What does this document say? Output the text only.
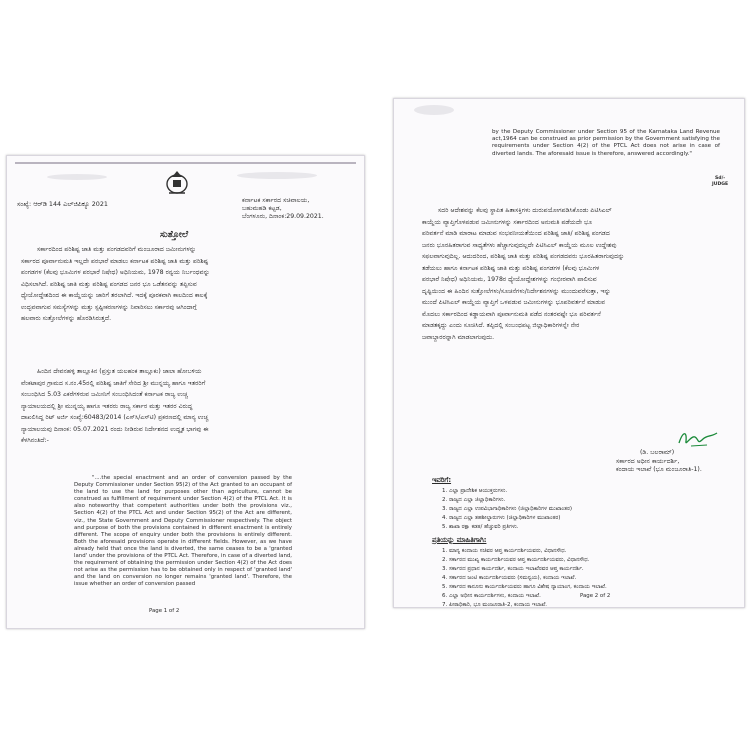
ಸಂಖ್ಯೆ: ಆರ್‌ಡಿ 144 ಎಲ್‌ಜಿಪಿಕ್ಯೂ 2021	ಕರ್ನಾಟಕ ಸರ್ಕಾರದ ಸಚಿವಾಲಯ,
ಬಹುಮಹಡಿ ಕಟ್ಟಡ,
ಬೆಂಗಳೂರು, ದಿನಾಂಕ:29.09.2021.
ಸುತ್ತೋಲೆ
ಸರ್ಕಾರದಿಂದ ಪರಿಶಿಷ್ಟ ಜಾತಿ ಮತ್ತು ಪಂಗಡದವರಿಗೆ ಮಂಜೂರಾದ ಜಮೀನುಗಳನ್ನು
ಸರ್ಕಾರದ ಪೂರ್ವಾನುಮತಿ ಇಲ್ಲದೇ ಪರಭಾರೆ ಮಾಡಲು ಕರ್ನಾಟಕ ಪರಿಶಿಷ್ಟ ಜಾತಿ ಮತ್ತು ಪರಿಶಿಷ್ಟ
ಪಂಗಡಗಳ (ಕೆಲವು ಭೂಮಿಗಳ ಪರಭಾರೆ ನಿಷೇಧ) ಅಧಿನಿಯಮ, 1978 ರನ್ವಯ ನಿರ್ಬಂಧವನ್ನು
ವಿಧಿಸಲಾಗಿದೆ. ಪರಿಶಿಷ್ಟ ಜಾತಿ ಮತ್ತು ಪರಿಶಿಷ್ಟ ಪಂಗಡದ ಜನರ ಭೂ ಒಡೆತನವನ್ನು ತಪ್ಪಿಸುವ
ಧ್ಯೇಯೋದ್ದೇಶದಿಂದ ಈ ಕಾಯ್ದೆಯನ್ನು ಜಾರಿಗೆ ತರಲಾಗಿದೆ. ಇದಕ್ಕೆ ಪೂರಕವಾಗಿ ಕಾಲದಿಂದ ಕಾಲಕ್ಕೆ
ಉದ್ಭವವಾಗುವ ಸಮಸ್ಯೆಗಳನ್ನು ಮತ್ತು ಸ್ಪಷ್ಟೀಕರಣಗಳನ್ನು ನಿವಾರಿಸಲು ಸರ್ಕಾರವು ಆಗಿಂದಾಗ್ಗೆ
ಹಲವಾರು ಸುತ್ತೋಲೆಗಳನ್ನು ಹೊರಡಿಸಿರುತ್ತದೆ.
ಹಿಂದಿನ ದೇವನಹಳ್ಳಿ ತಾಲ್ಲೂಕಿನ (ಪ್ರಸ್ತುತ ಯಲಹಂಕ ತಾಲ್ಲೂಕು) ಜಾಲಾ ಹೋಬಳಿಯ
ವೆಂಕಟಾಪುರ ಗ್ರಾಮದ ಸ.ನಂ.45ರಲ್ಲಿ ಪರಿಶಿಷ್ಟ ಜಾತಿಗೆ ಸೇರಿದ ಶ್ರೀ ಮುನ್ನಯ್ಯ ಹಾಗೂ ಇತರರಿಗೆ
ಸಂಬಂಧಿಸಿದ 5.03 ಎಕರೆಗಳಿರುವ ಜಮೀನಿಗೆ ಸಂಬಂಧಿಸಿದಂತೆ ಕರ್ನಾಟಕ ರಾಜ್ಯ ಉಚ್ಚ
ನ್ಯಾಯಾಲಯದಲ್ಲಿ ಶ್ರೀ ಮುನ್ನಯ್ಯ ಹಾಗೂ ಇತರರು ರಾಜ್ಯ ಸರ್ಕಾರ ಮತ್ತು ಇತರರ ವಿರುದ್ಧ
ದಾಖಲಿಸಿದ್ದ ರಿಟ್ ಅರ್ಜಿ ಸಂಖ್ಯೆ:60483/2014 (ಎಸ್‌ಸಿ/ಎಸ್‌ಟಿ) ಪ್ರಕರಣದಲ್ಲಿ ಮಾನ್ಯ ಉಚ್ಚ
ನ್ಯಾಯಾಲಯವು ದಿನಾಂಕ: 05.07.2021 ರಂದು ನೀಡಿರುವ ನಿರ್ದೇಶನದ ಉದ್ಧೃತ ಭಾಗವು ಈ
ಕೆಳಗಿನಂತಿದೆ:-
"....the special enactment and an order of conversion passed by the Deputy Commissioner under Section 95(2) of the Act granted to an occupant of the land to use the land for purposes other than agriculture, cannot be construed as fulfillment of requirement under Section 4(2) of the PTCL Act. It is also noteworthy that competent authorities under both the provisions viz., Section 4(2) of the PTCL Act and under Section 95(2) of the Act are different, viz., the State Government and Deputy Commissioner respectively. The object and purpose of both the provisions contained in different enactment is entirely different. The scope of enquiry under both the provisions is entirely different. Both the aforesaid provisions operate in different fields. However, as we have already held that once the land is diverted, the same ceases to be a 'granted land' under the provisions of the PTCL Act. Therefore, in case of a diverted land, the requirement of obtaining the permission under Section 4(2) of the Act does not arise as the permission has to be obtained only in respect of 'granted land' and the land on conversion no longer remains 'granted land'. Therefore, the issue whether an order of conversion passed
Page 1 of 2
by the Deputy Commissioner under Section 95 of the Karnataka Land Revenue act,1964 can be construed as prior permission by the Government satisfying the requirements under Section 4(2) of the PTCL Act does not arise in case of diverted lands. The aforesaid issue is therefore, answered accordingly."
Sd/-
JUDGE
ಸದರಿ ಆದೇಶವನ್ನು ಕೆಲವು ಸ್ಥಾಪಿತ ಹಿತಾಸಕ್ತಿಗಳು ದುರುಪಯೋಗಪಡಿಸಿಕೊಂಡು ಪಿಟಿಸಿಎಲ್
ಕಾಯ್ದೆಯ ವ್ಯಾಪ್ತಿಗೊಳಪಡುವ ಜಮೀನುಗಳನ್ನು ಸರ್ಕಾರದಿಂದ ಅನುಮತಿ ಪಡೆಯದೇ ಭೂ
ಪರಿವರ್ತನೆ ಮಾಡಿ ಮಾರಾಟ ಮಾಡುವ ಸಂಭವನೀಯತೆಯಿಂದ ಪರಿಶಿಷ್ಟ ಜಾತಿ/ ಪರಿಶಿಷ್ಟ ಪಂಗಡದ
ಜನರು ಭೂರಹಿತರಾಗುವ ಸಾಧ್ಯತೆಗಳು ಹೆಚ್ಚಾಗುವುದಲ್ಲದೇ ಪಿಟಿಸಿಎಲ್ ಕಾಯ್ದೆಯ ಮೂಲ ಉದ್ದೇಶವು
ಸಫಲವಾಗುವುದಿಲ್ಲ. ಆದುದರಿಂದ, ಪರಿಶಿಷ್ಟ ಜಾತಿ ಮತ್ತು ಪರಿಶಿಷ್ಟ ಪಂಗಡದವರು ಭೂರಹಿತರಾಗುವುದನ್ನು
ತಡೆಯಲು ಹಾಗೂ ಕರ್ನಾಟಕ ಪರಿಶಿಷ್ಟ ಜಾತಿ ಮತ್ತು ಪರಿಶಿಷ್ಟ ಪಂಗಡಗಳ (ಕೆಲವು ಭೂಮಿಗಳ
ಪರಭಾರೆ ನಿಷೇಧ) ಅಧಿನಿಯಮ, 1978ರ ಧ್ಯೇಯೋದ್ದೇಶಗಳನ್ನು ಗಂಭೀರವಾಗಿ ಪಾಲಿಸುವ
ದೃಷ್ಟಿಯಿಂದ ಈ ಹಿಂದಿನ ಸುತ್ತೋಲೆಗಳು/ಸೂಚನೆಗಳು/ನಿರ್ದೇಶನಗಳನ್ನು ಮುಂದುವರೆಸುತ್ತಾ, ಇನ್ನು
ಮುಂದೆ ಪಿಟಿಸಿಎಲ್ ಕಾಯ್ದೆಯ ವ್ಯಾಪ್ತಿಗೆ ಒಳಪಡುವ ಜಮೀನುಗಳನ್ನು ಭೂಪರಿವರ್ತನೆ ಮಾಡುವ
ಮೊದಲು ಸರ್ಕಾರದಿಂದ ಕಡ್ಡಾಯವಾಗಿ ಪೂರ್ವಾನುಮತಿ ಪಡೆದ ನಂತರವಷ್ಟೇ ಭೂ ಪರಿವರ್ತನೆ
ಮಾಡತಕ್ಕದ್ದು ಎಂದು ಸೂಚಿಸಿದೆ. ತಪ್ಪಿದಲ್ಲಿ ಸಂಬಂಧಪಟ್ಟ ಜಿಲ್ಲಾಧಿಕಾರಿಗಳನ್ನೇ ನೇರ
ಜವಾಬ್ದಾರರನ್ನಾಗಿ ಮಾಡಲಾಗುವುದು.
(ಡಿ. ಬಲರಾಮ್)
ಸರ್ಕಾರದ ಅಧೀನ ಕಾರ್ಯದರ್ಶಿ,
ಕಂದಾಯ ಇಲಾಖೆ (ಭೂ ಮಂಜೂರಾತಿ-1).
ಇವರಿಗೆ:
1. ಎಲ್ಲಾ ಪ್ರಾದೇಶಿಕ ಆಯುಕ್ತರುಗಳು.
2. ರಾಜ್ಯದ ಎಲ್ಲಾ ಜಿಲ್ಲಾಧಿಕಾರಿಗಳು.
3. ರಾಜ್ಯದ ಎಲ್ಲಾ ಉಪವಿಭಾಗಾಧಿಕಾರಿಗಳು (ಜಿಲ್ಲಾಧಿಕಾರಿಗಳ ಮುಖಾಂತರ)
4. ರಾಜ್ಯದ ಎಲ್ಲಾ ತಹಶೀಲ್ದಾರುಗಳು (ಜಿಲ್ಲಾಧಿಕಾರಿಗಳ ಮುಖಾಂತರ)
5. ಶಾಖಾ ರಕ್ಷಾ ಕಡತ/ ಹೆಚ್ಚುವರಿ ಪ್ರತಿಗಳು.
ಪ್ರತಿಯನ್ನು ಮಾಹಿತಿಗಾಗಿ:
1. ಮಾನ್ಯ ಕಂದಾಯ ಸಚಿವರ ಆಪ್ತ ಕಾರ್ಯದರ್ಶಿಯವರು, ವಿಧಾನಸೌಧ.
2. ಸರ್ಕಾರದ ಮುಖ್ಯ ಕಾರ್ಯದರ್ಶಿಯವರ ಆಪ್ತ ಕಾರ್ಯದರ್ಶಿಯವರು, ವಿಧಾನಸೌಧ.
3. ಸರ್ಕಾರದ ಪ್ರಧಾನ ಕಾರ್ಯದರ್ಶಿ, ಕಂದಾಯ ಇಲಾಖೆರವರ ಆಪ್ತ ಕಾರ್ಯದರ್ಶಿ.
4. ಸರ್ಕಾರದ ಜಂಟಿ ಕಾರ್ಯದರ್ಶಿಯವರು (ಸಮನ್ವಯ), ಕಂದಾಯ ಇಲಾಖೆ.
5. ಸರ್ಕಾರದ ಕಾನೂನು ಕಾರ್ಯದರ್ಶಿಯವರು ಹಾಗೂ ವಿಶೇಷ ನ್ಯಾಯಾಂಗ, ಕಂದಾಯ ಇಲಾಖೆ.
6. ಎಲ್ಲಾ ಅಧೀನ ಕಾರ್ಯದರ್ಶಿಗಳು, ಕಂದಾಯ ಇಲಾಖೆ.
7. ಪೀಠಾಧಿಕಾರಿ, ಭೂ ಮಂಜೂರಾತಿ-2, ಕಂದಾಯ ಇಲಾಖೆ.
Page 2 of 2
